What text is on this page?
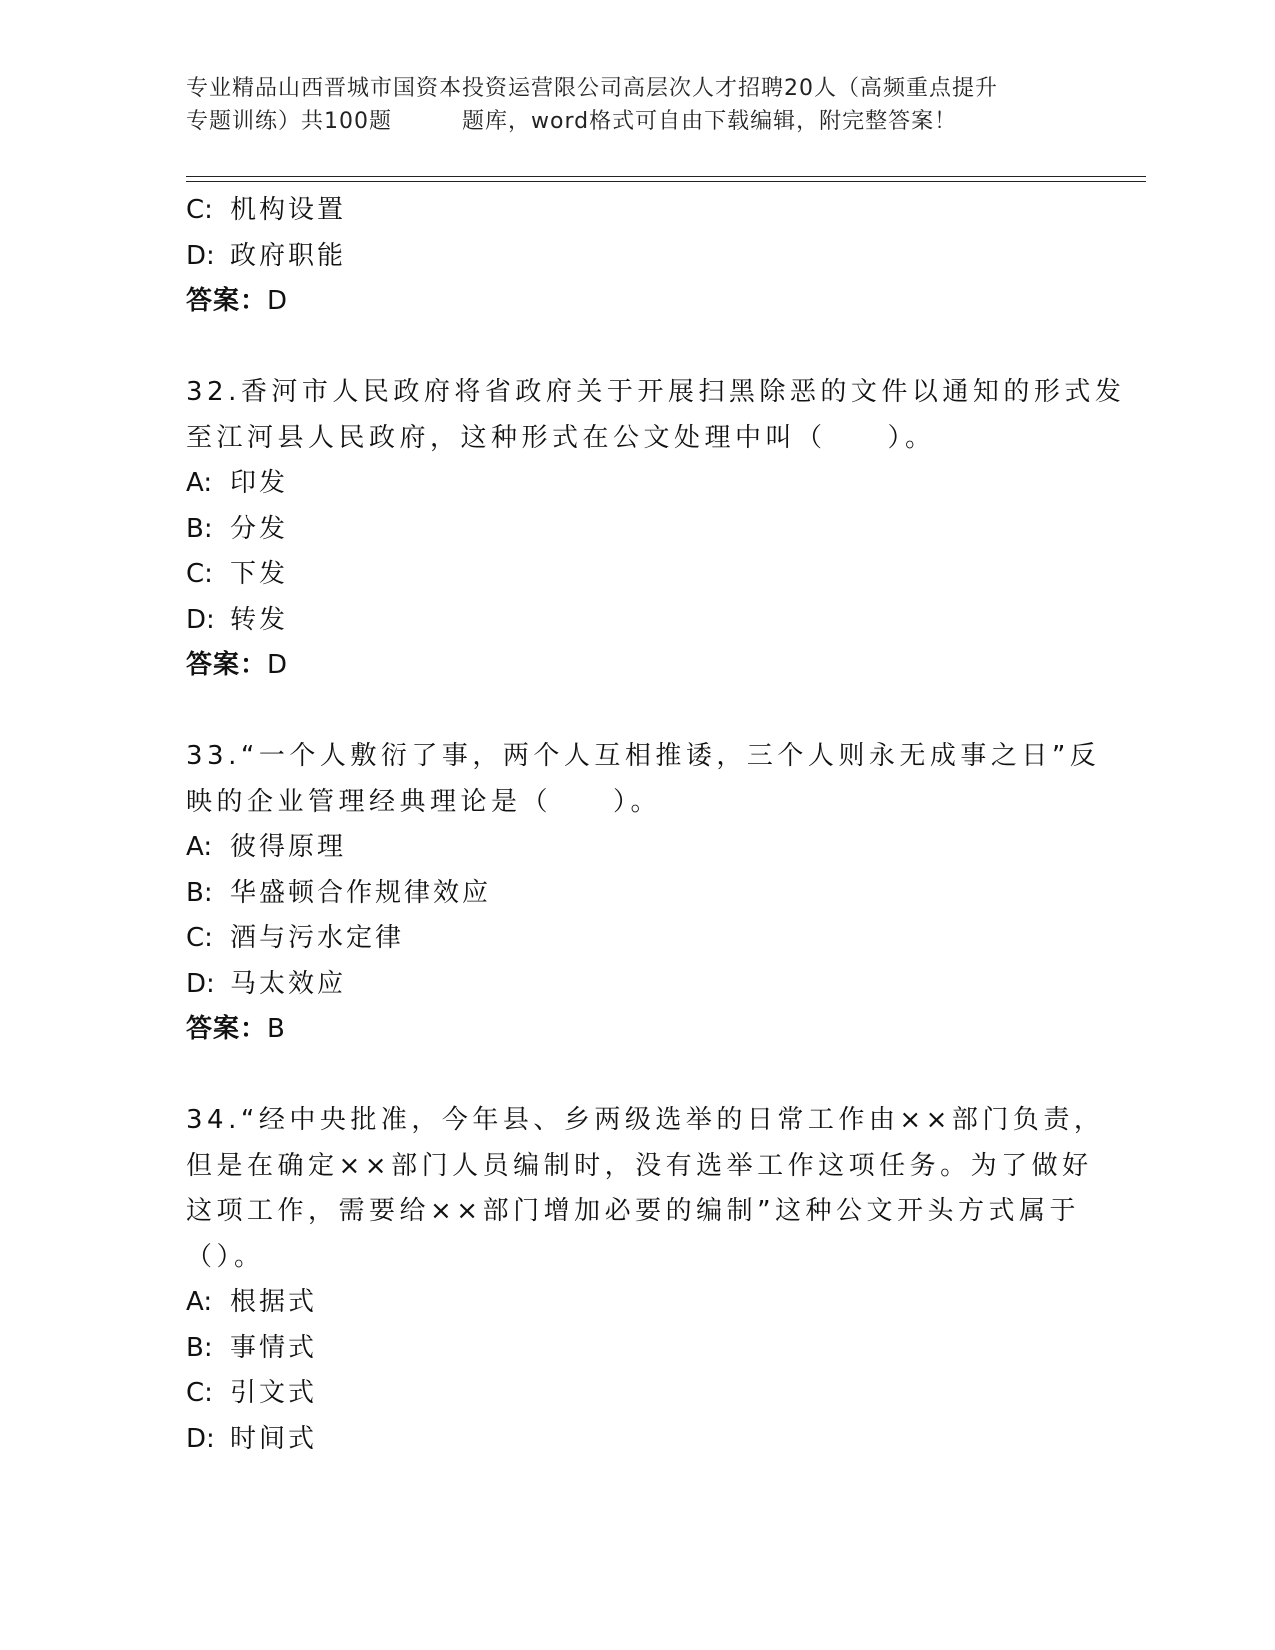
专业精品山西晋城市国资本投资运营限公司高层次人才招聘20人（高频重点提升
专题训练）共100题	题库，word格式可自由下载编辑，附完整答案！
C: 机构设置
D: 政府职能
答案：D
32.香河市人民政府将省政府关于开展扫黑除恶的文件以通知的形式发
至江河县人民政府，这种形式在公文处理中叫（　　）。
A: 印发
B: 分发
C: 下发
D: 转发
答案：D
33.“一个人敷衍了事，两个人互相推诿，三个人则永无成事之日”反
映的企业管理经典理论是（　　）。
A: 彼得原理
B: 华盛顿合作规律效应
C: 酒与污水定律
D: 马太效应
答案：B
34.“经中央批准，今年县、乡两级选举的日常工作由××部门负责，
但是在确定××部门人员编制时，没有选举工作这项任务。为了做好
这项工作，需要给××部门增加必要的编制”这种公文开头方式属于
（）。
A: 根据式
B: 事情式
C: 引文式
D: 时间式
